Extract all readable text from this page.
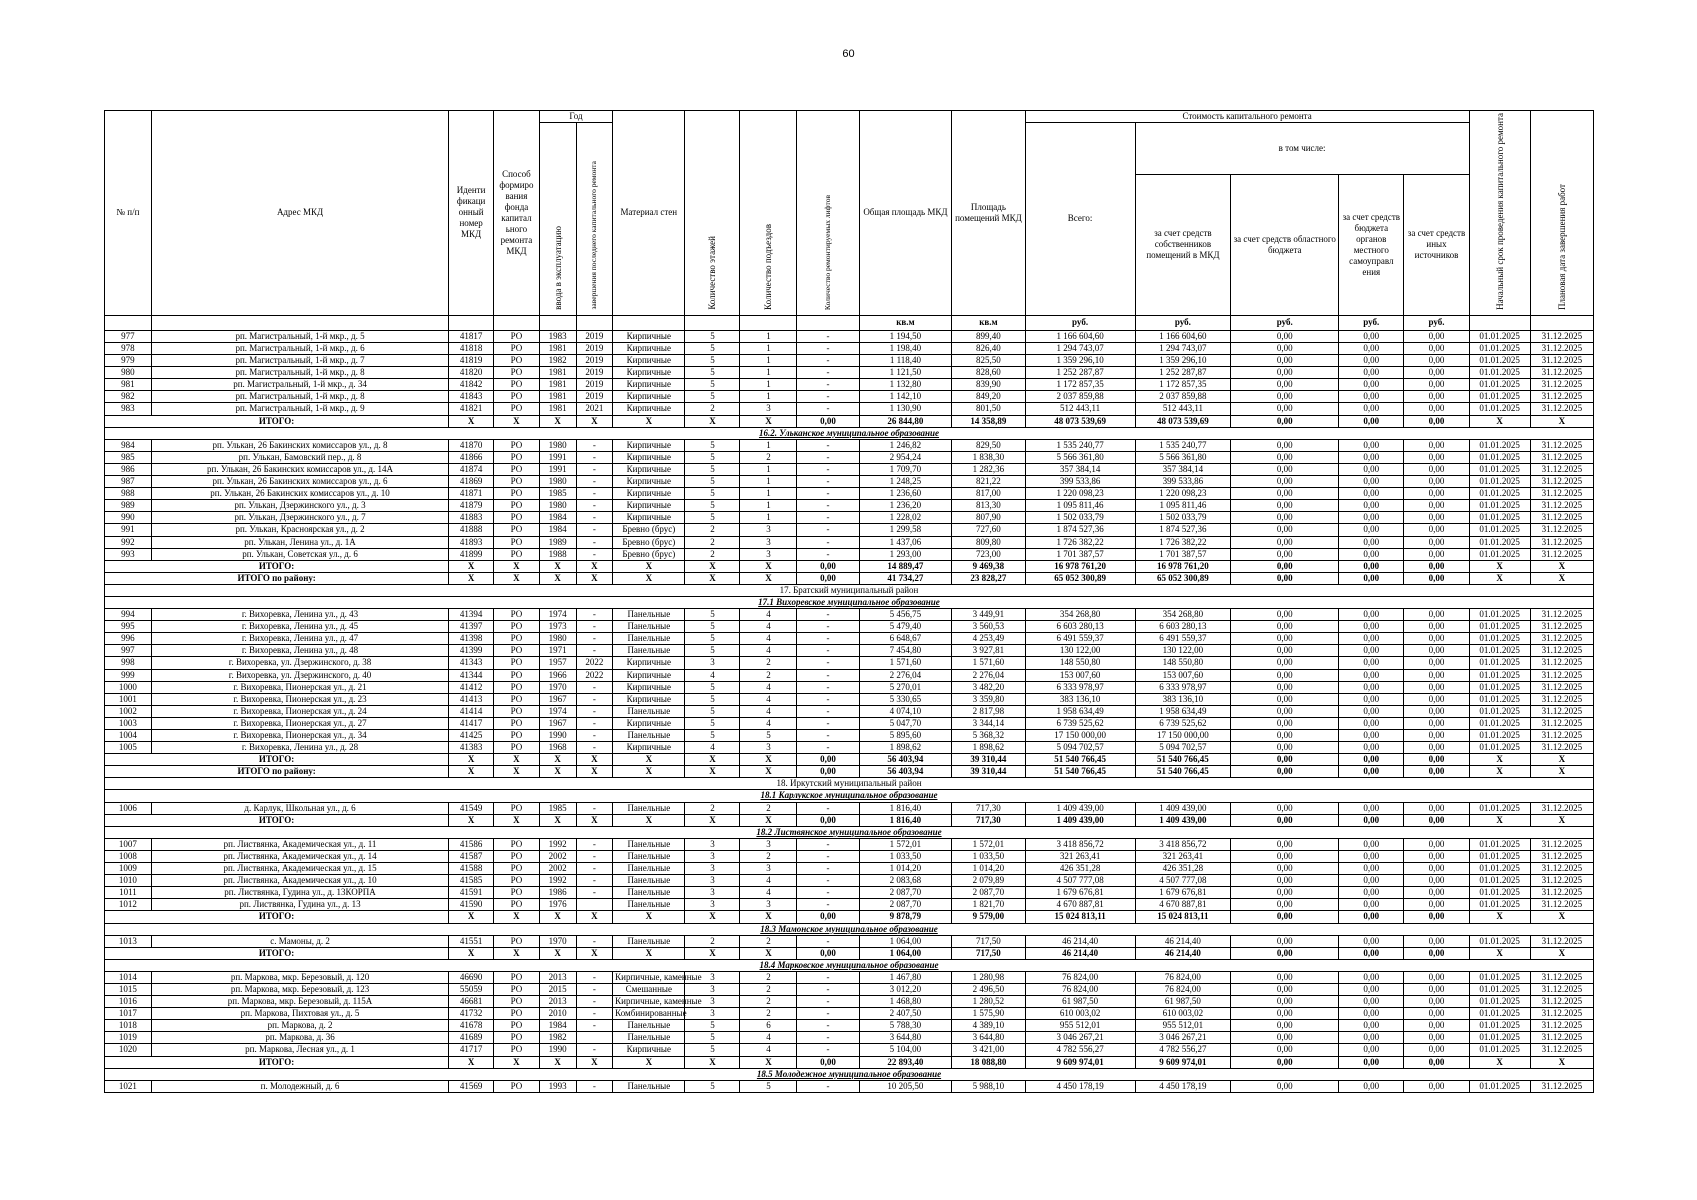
60
№ п/п	Адрес МКД	Иденти фикаци онный номер МКД	Способ формиро вания фонда капитал ьного ремонта МКД	Год		Материал стен	Количество этажей	Количество подъездов	Количество ремонтируемых лифтов	Общая площадь МКД	Площадь помещений МКД	Стоимость капитального ремонта					Начальный срок проведения капитального ремонта	Плановая дата завершения работ
				ввода в эксплуатацию	завершения последнего капитального ремонта							Всего:	в том числе:					
													за счет средств собственников помещений в МКД	за счет средств областного бюджета	за счет средств бюджета органов местного самоуправл ения	за счет средств иных источников		
										кв.м	кв.м	руб.	руб.	руб.	руб.	руб.		
977	рп. Магистральный, 1-й мкр., д. 5	41817	РО	1983	2019	Кирпичные	5	1	-	1 194,50	899,40	1 166 604,60	1 166 604,60	0,00	0,00	0,00	01.01.2025	31.12.2025
978	рп. Магистральный, 1-й мкр., д. 6	41818	РО	1981	2019	Кирпичные	5	1	-	1 198,40	826,40	1 294 743,07	1 294 743,07	0,00	0,00	0,00	01.01.2025	31.12.2025
979	рп. Магистральный, 1-й мкр., д. 7	41819	РО	1982	2019	Кирпичные	5	1	-	1 118,40	825,50	1 359 296,10	1 359 296,10	0,00	0,00	0,00	01.01.2025	31.12.2025
980	рп. Магистральный, 1-й мкр., д. 8	41820	РО	1981	2019	Кирпичные	5	1	-	1 121,50	828,60	1 252 287,87	1 252 287,87	0,00	0,00	0,00	01.01.2025	31.12.2025
981	рп. Магистральный, 1-й мкр., д. 34	41842	РО	1981	2019	Кирпичные	5	1	-	1 132,80	839,90	1 172 857,35	1 172 857,35	0,00	0,00	0,00	01.01.2025	31.12.2025
982	рп. Магистральный, 1-й мкр., д. 8	41843	РО	1981	2019	Кирпичные	5	1	-	1 142,10	849,20	2 037 859,88	2 037 859,88	0,00	0,00	0,00	01.01.2025	31.12.2025
983	рп. Магистральный, 1-й мкр., д. 9	41821	РО	1981	2021	Кирпичные	2	3	-	1 130,90	801,50	512 443,11	512 443,11	0,00	0,00	0,00	01.01.2025	31.12.2025
ИТОГО:		X	X	X	X	X	X	X	0,00	26 844,80	14 358,89	48 073 539,69	48 073 539,69	0,00	0,00	0,00	X	X
16.2. Ульканское муниципальное образование																		
984	рп. Улькан, 26 Бакинских комиссаров ул., д. 8	41870	РО	1980	-	Кирпичные	5	1	-	1 246,82	829,50	1 535 240,77	1 535 240,77	0,00	0,00	0,00	01.01.2025	31.12.2025
985	рп. Улькан, Бамовский пер., д. 8	41866	РО	1991	-	Кирпичные	5	2	-	2 954,24	1 838,30	5 566 361,80	5 566 361,80	0,00	0,00	0,00	01.01.2025	31.12.2025
986	рп. Улькан, 26 Бакинских комиссаров ул., д. 14А	41874	РО	1991	-	Кирпичные	5	1	-	1 709,70	1 282,36	357 384,14	357 384,14	0,00	0,00	0,00	01.01.2025	31.12.2025
987	рп. Улькан, 26 Бакинских комиссаров ул., д. 6	41869	РО	1980	-	Кирпичные	5	1	-	1 248,25	821,22	399 533,86	399 533,86	0,00	0,00	0,00	01.01.2025	31.12.2025
988	рп. Улькан, 26 Бакинских комиссаров ул., д. 10	41871	РО	1985	-	Кирпичные	5	1	-	1 236,60	817,00	1 220 098,23	1 220 098,23	0,00	0,00	0,00	01.01.2025	31.12.2025
989	рп. Улькан, Дзержинского ул., д. 3	41879	РО	1980	-	Кирпичные	5	1	-	1 236,20	813,30	1 095 811,46	1 095 811,46	0,00	0,00	0,00	01.01.2025	31.12.2025
990	рп. Улькан, Дзержинского ул., д. 7	41883	РО	1984	-	Кирпичные	5	1	-	1 228,02	807,90	1 502 033,79	1 502 033,79	0,00	0,00	0,00	01.01.2025	31.12.2025
991	рп. Улькан, Красноярская ул., д. 2	41888	РО	1984	-	Бревно (брус)	2	3	-	1 299,58	727,60	1 874 527,36	1 874 527,36	0,00	0,00	0,00	01.01.2025	31.12.2025
992	рп. Улькан, Ленина ул., д. 1А	41893	РО	1989	-	Бревно (брус)	2	3	-	1 437,06	809,80	1 726 382,22	1 726 382,22	0,00	0,00	0,00	01.01.2025	31.12.2025
993	рп. Улькан, Советская ул., д. 6	41899	РО	1988	-	Бревно (брус)	2	3	-	1 293,00	723,00	1 701 387,57	1 701 387,57	0,00	0,00	0,00	01.01.2025	31.12.2025
ИТОГО:		X	X	X	X	X	X	X	0,00	14 889,47	9 469,38	16 978 761,20	16 978 761,20	0,00	0,00	0,00	X	X
ИТОГО по району:		X	X	X	X	X	X	X	0,00	41 734,27	23 828,27	65 052 300,89	65 052 300,89	0,00	0,00	0,00	X	X
17. Братский муниципальный район																		
17.1 Вихоревское муниципальное образование																		
994	г. Вихоревка, Ленина ул., д. 43	41394	РО	1974	-	Панельные	5	4	-	5 456,75	3 449,91	354 268,80	354 268,80	0,00	0,00	0,00	01.01.2025	31.12.2025
995	г. Вихоревка, Ленина ул., д. 45	41397	РО	1973	-	Панельные	5	4	-	5 479,40	3 560,53	6 603 280,13	6 603 280,13	0,00	0,00	0,00	01.01.2025	31.12.2025
996	г. Вихоревка, Ленина ул., д. 47	41398	РО	1980	-	Панельные	5	4	-	6 648,67	4 253,49	6 491 559,37	6 491 559,37	0,00	0,00	0,00	01.01.2025	31.12.2025
997	г. Вихоревка, Ленина ул., д. 48	41399	РО	1971	-	Панельные	5	4	-	7 454,80	3 927,81	130 122,00	130 122,00	0,00	0,00	0,00	01.01.2025	31.12.2025
998	г. Вихоревка, ул. Дзержинского, д. 38	41343	РО	1957	2022	Кирпичные	3	2	-	1 571,60	1 571,60	148 550,80	148 550,80	0,00	0,00	0,00	01.01.2025	31.12.2025
999	г. Вихоревка, ул. Дзержинского, д. 40	41344	РО	1966	2022	Кирпичные	4	2	-	2 276,04	2 276,04	153 007,60	153 007,60	0,00	0,00	0,00	01.01.2025	31.12.2025
1000	г. Вихоревка, Пионерская ул., д. 21	41412	РО	1970	-	Кирпичные	5	4	-	5 270,01	3 482,20	6 333 978,97	6 333 978,97	0,00	0,00	0,00	01.01.2025	31.12.2025
1001	г. Вихоревка, Пионерская ул., д. 23	41413	РО	1967	-	Кирпичные	5	4	-	5 330,65	3 359,80	383 136,10	383 136,10	0,00	0,00	0,00	01.01.2025	31.12.2025
1002	г. Вихоревка, Пионерская ул., д. 24	41414	РО	1974	-	Панельные	5	4	-	4 074,10	2 817,98	1 958 634,49	1 958 634,49	0,00	0,00	0,00	01.01.2025	31.12.2025
1003	г. Вихоревка, Пионерская ул., д. 27	41417	РО	1967	-	Кирпичные	5	4	-	5 047,70	3 344,14	6 739 525,62	6 739 525,62	0,00	0,00	0,00	01.01.2025	31.12.2025
1004	г. Вихоревка, Пионерская ул., д. 34	41425	РО	1990	-	Панельные	5	5	-	5 895,60	5 368,32	17 150 000,00	17 150 000,00	0,00	0,00	0,00	01.01.2025	31.12.2025
1005	г. Вихоревка, Ленина ул., д. 28	41383	РО	1968	-	Кирпичные	4	3	-	1 898,62	1 898,62	5 094 702,57	5 094 702,57	0,00	0,00	0,00	01.01.2025	31.12.2025
ИТОГО:		X	X	X	X	X	X	X	0,00	56 403,94	39 310,44	51 540 766,45	51 540 766,45	0,00	0,00	0,00	X	X
ИТОГО по району:		X	X	X	X	X	X	X	0,00	56 403,94	39 310,44	51 540 766,45	51 540 766,45	0,00	0,00	0,00	X	X
18. Иркутский муниципальный район																		
18.1 Карлукское муниципальное образование																		
1006	д. Карлук, Школьная ул., д. 6	41549	РО	1985	-	Панельные	2	2	-	1 816,40	717,30	1 409 439,00	1 409 439,00	0,00	0,00	0,00	01.01.2025	31.12.2025
ИТОГО:		X	X	X	X	X	X	X	0,00	1 816,40	717,30	1 409 439,00	1 409 439,00	0,00	0,00	0,00	X	X
18.2 Листвянское муниципальное образование																		
1007	рп. Листвянка, Академическая ул., д. 11	41586	РО	1992	-	Панельные	3	3	-	1 572,01	1 572,01	3 418 856,72	3 418 856,72	0,00	0,00	0,00	01.01.2025	31.12.2025
1008	рп. Листвянка, Академическая ул., д. 14	41587	РО	2002	-	Панельные	3	2	-	1 033,50	1 033,50	321 263,41	321 263,41	0,00	0,00	0,00	01.01.2025	31.12.2025
1009	рп. Листвянка, Академическая ул., д. 15	41588	РО	2002	-	Панельные	3	3	-	1 014,20	1 014,20	426 351,28	426 351,28	0,00	0,00	0,00	01.01.2025	31.12.2025
1010	рп. Листвянка, Академическая ул., д. 10	41585	РО	1992	-	Панельные	3	4	-	2 083,68	2 079,89	4 507 777,08	4 507 777,08	0,00	0,00	0,00	01.01.2025	31.12.2025
1011	рп. Листвянка, Гудина ул., д. 13КОРПА	41591	РО	1986	-	Панельные	3	4	-	2 087,70	2 087,70	1 679 676,81	1 679 676,81	0,00	0,00	0,00	01.01.2025	31.12.2025
1012	рп. Листвянка, Гудина ул., д. 13	41590	РО	1976		Панельные	3	3	-	2 087,70	1 821,70	4 670 887,81	4 670 887,81	0,00	0,00	0,00	01.01.2025	31.12.2025
ИТОГО:		X	X	X	X	X	X	X	0,00	9 878,79	9 579,00	15 024 813,11	15 024 813,11	0,00	0,00	0,00	X	X
18.3 Мамонское муниципальное образование																		
1013	с. Мамоны, д. 2	41551	РО	1970	-	Панельные	2	2	-	1 064,00	717,50	46 214,40	46 214,40	0,00	0,00	0,00	01.01.2025	31.12.2025
ИТОГО:		X	X	X	X	X	X	X	0,00	1 064,00	717,50	46 214,40	46 214,40	0,00	0,00	0,00	X	X
18.4 Марковское муниципальное образование																		
1014	рп. Маркова, мкр. Березовый, д. 120	46690	РО	2013	-	Кирпичные, каменные	3	2	-	1 467,80	1 280,98	76 824,00	76 824,00	0,00	0,00	0,00	01.01.2025	31.12.2025
1015	рп. Маркова, мкр. Березовый, д. 123	55059	РО	2015	-	Смешанные	3	2	-	3 012,20	2 496,50	76 824,00	76 824,00	0,00	0,00	0,00	01.01.2025	31.12.2025
1016	рп. Маркова, мкр. Березовый, д. 115А	46681	РО	2013	-	Кирпичные, каменные	3	2	-	1 468,80	1 280,52	61 987,50	61 987,50	0,00	0,00	0,00	01.01.2025	31.12.2025
1017	рп. Маркова, Пихтовая ул., д. 5	41732	РО	2010	-	Комбинированные	3	2	-	2 407,50	1 575,90	610 003,02	610 003,02	0,00	0,00	0,00	01.01.2025	31.12.2025
1018	рп. Маркова, д. 2	41678	РО	1984	-	Панельные	5	6	-	5 788,30	4 389,10	955 512,01	955 512,01	0,00	0,00	0,00	01.01.2025	31.12.2025
1019	рп. Маркова, д. 36	41689	РО	1982		Панельные	5	4	-	3 644,80	3 644,80	3 046 267,21	3 046 267,21	0,00	0,00	0,00	01.01.2025	31.12.2025
1020	рп. Маркова, Лесная ул., д. 1	41717	РО	1990	-	Кирпичные	5	4	-	5 104,00	3 421,00	4 782 556,27	4 782 556,27	0,00	0,00	0,00	01.01.2025	31.12.2025
ИТОГО:		X	X	X	X	X	X	X	0,00	22 893,40	18 088,80	9 609 974,01	9 609 974,01	0,00	0,00	0,00	X	X
18.5 Молодежное муниципальное образование																		
1021	п. Молодежный, д. 6	41569	РО	1993	-	Панельные	5	5	-	10 205,50	5 988,10	4 450 178,19	4 450 178,19	0,00	0,00	0,00	01.01.2025	31.12.2025
